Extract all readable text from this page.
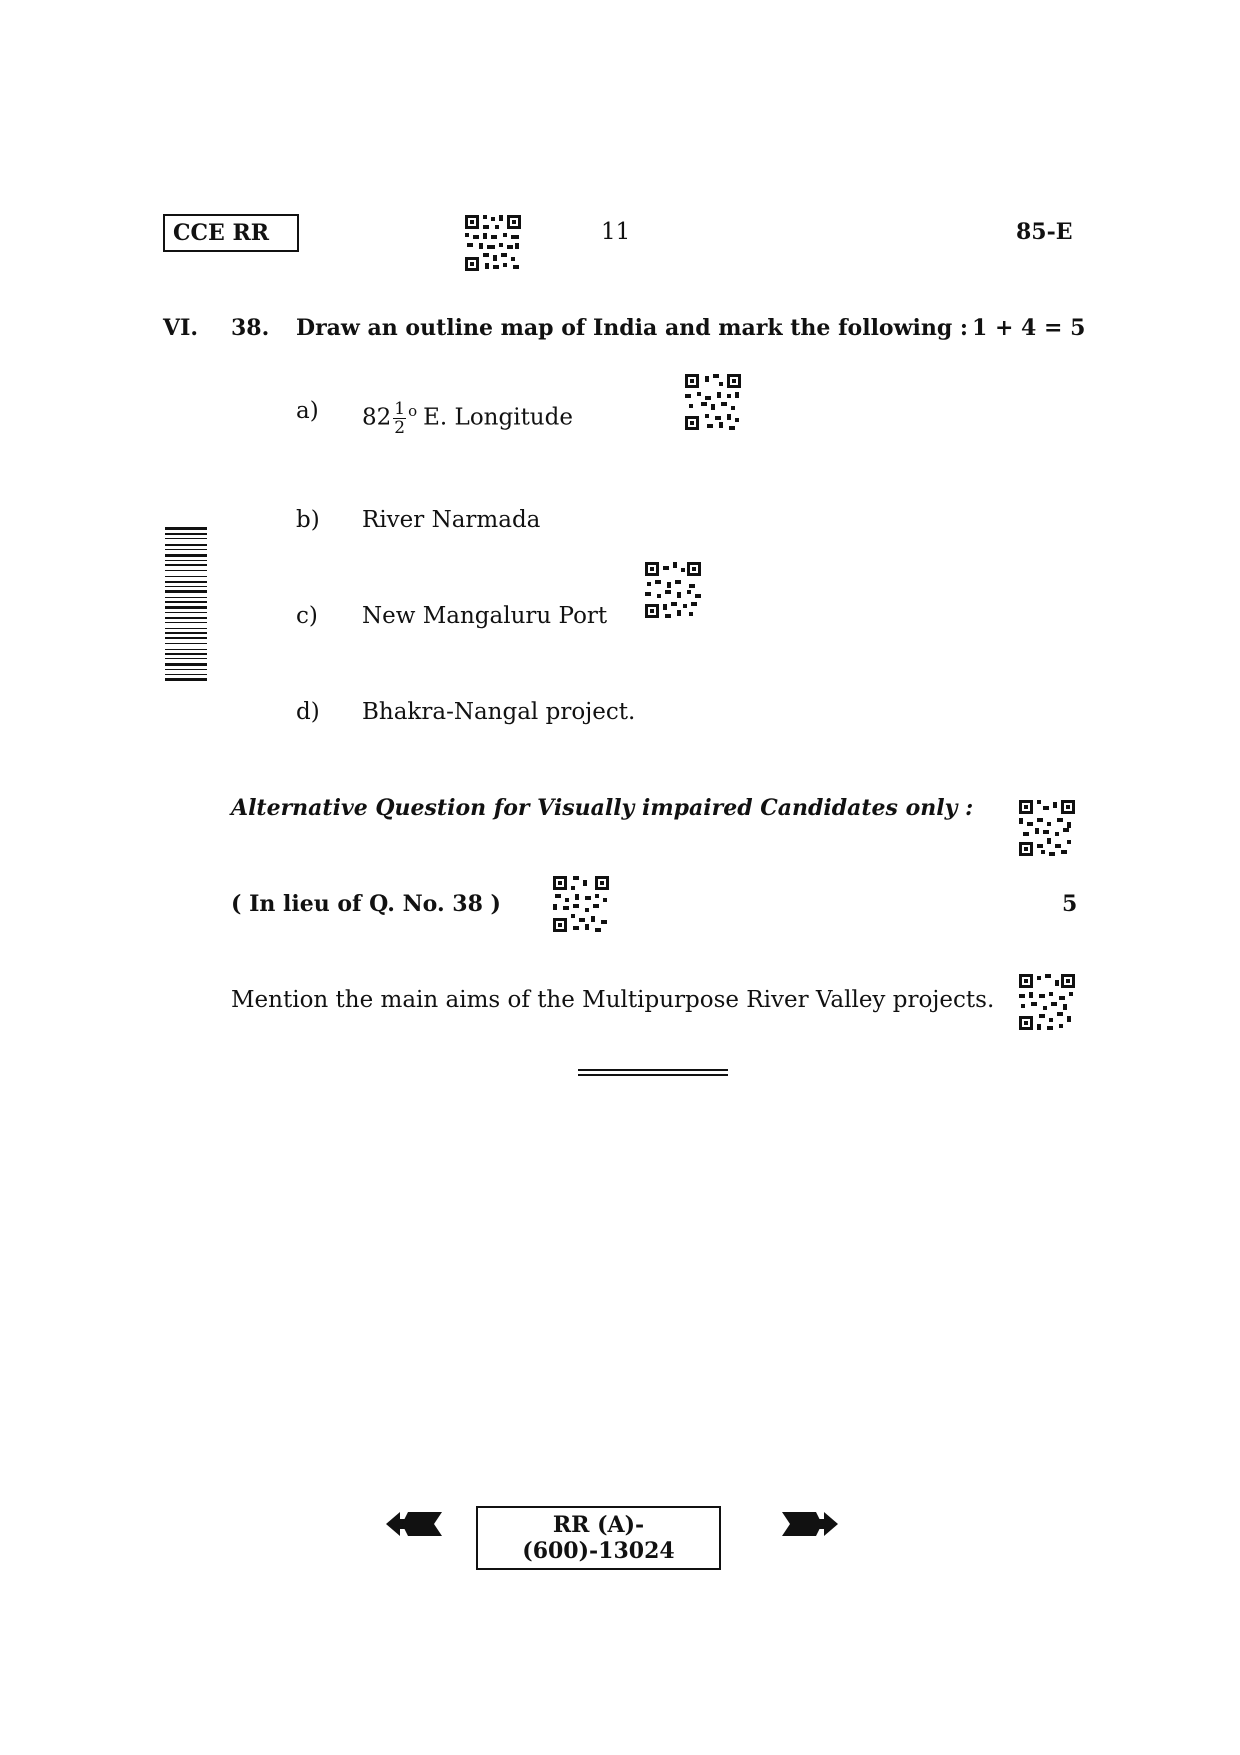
CCE RR	11	85-E
VI. 38. Draw an outline map of India and mark the following : 1 + 4 = 5
a) $82 \frac{1}{2} ^o$ E. Longitude
b) River Narmada
c) New Mangaluru Port
d) Bhakra-Nangal project.
Alternative Question for Visually impaired Candidates only :
( In lieu of Q. No. 38 )	5
Mention the main aims of the Multipurpose River Valley projects.
RR (A)-(600)-13024
